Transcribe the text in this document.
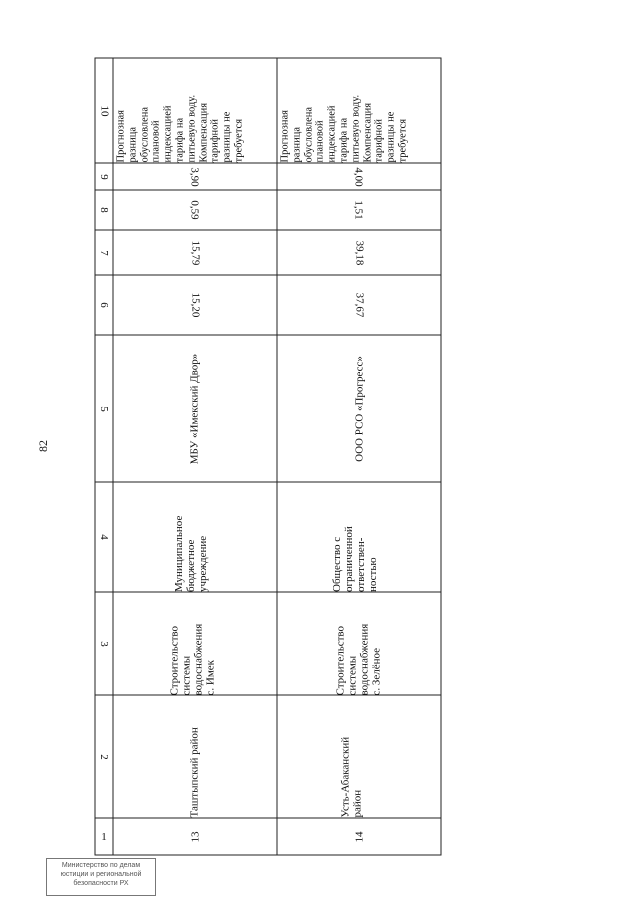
82
1
2
3
4
5
6
7
8
9
10
13
Таштыпский район
Строительство системы водоснабжения с. Имек
Муниципальное бюджетное учреждение
МБУ «Имекский Двор»
15,20
15,79
0,59
3,90
Прогнозная разница обусловлена плановой индексацией тарифа на питьевую воду. Компенсация тарифной разницы не требуется
14
Усть-Абаканский район
Строительство системы водоснабжения с. Зелёное
Общество с ограниченной ответствен- ностью
ООО РСО «Прогресс»
37,67
39,18
1,51
4,00
Прогнозная разница обусловлена плановой индексацией тарифа на питьевую воду. Компенсация тарифной разницы не требуется
Министерство по делам
юстиции и региональной
безопасности РХ
